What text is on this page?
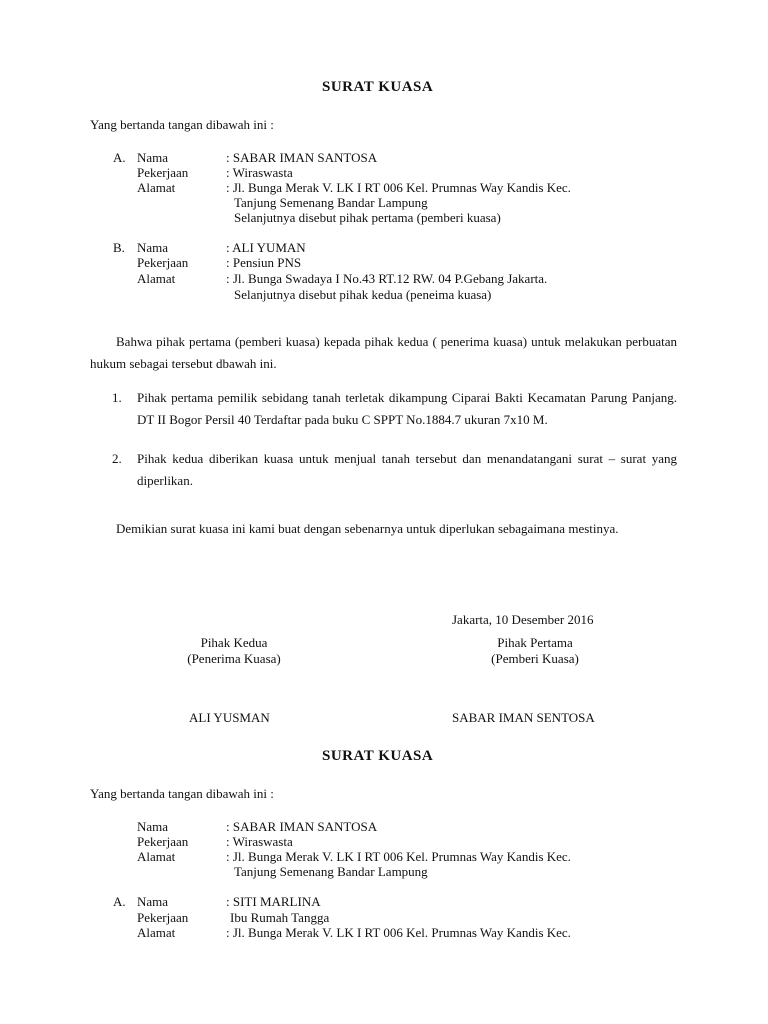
SURAT KUASA
Yang bertanda tangan dibawah ini :
A. Nama	: SABAR IMAN SANTOSA
Pekerjaan	: Wiraswasta
Alamat	: Jl. Bunga Merak V. LK I RT 006 Kel. Prumnas Way Kandis Kec.
Tanjung Semenang Bandar Lampung
Selanjutnya disebut pihak pertama (pemberi kuasa)
B. Nama	: ALI YUMAN
Pekerjaan	: Pensiun PNS
Alamat	: Jl. Bunga Swadaya I No.43 RT.12 RW. 04 P.Gebang Jakarta.
Selanjutnya disebut pihak kedua (peneima kuasa)
Bahwa pihak pertama (pemberi kuasa) kepada pihak kedua ( penerima kuasa) untuk melakukan perbuatan hukum sebagai tersebut dbawah ini.
1. Pihak pertama pemilik sebidang tanah terletak dikampung Ciparai Bakti Kecamatan Parung Panjang. DT II Bogor Persil 40 Terdaftar pada buku C SPPT No.1884.7 ukuran 7x10 M.
2. Pihak kedua diberikan kuasa untuk menjual tanah tersebut dan menandatangani surat – surat yang diperlikan.
Demikian surat kuasa ini kami buat dengan sebenarnya untuk diperlukan sebagaimana mestinya.
Jakarta, 10 Desember 2016
Pihak Kedua
(Penerima Kuasa)
ALI YUSMAN
Pihak Pertama
(Pemberi Kuasa)
SABAR IMAN SENTOSA
SURAT KUASA
Yang bertanda tangan dibawah ini :
Nama	: SABAR IMAN SANTOSA
Pekerjaan	: Wiraswasta
Alamat	: Jl. Bunga Merak V. LK I RT 006 Kel. Prumnas Way Kandis Kec.
Tanjung Semenang Bandar Lampung
A. Nama	: SITI MARLINA
Pekerjaan	Ibu Rumah Tangga
Alamat	: Jl. Bunga Merak V. LK I RT 006 Kel. Prumnas Way Kandis Kec.
